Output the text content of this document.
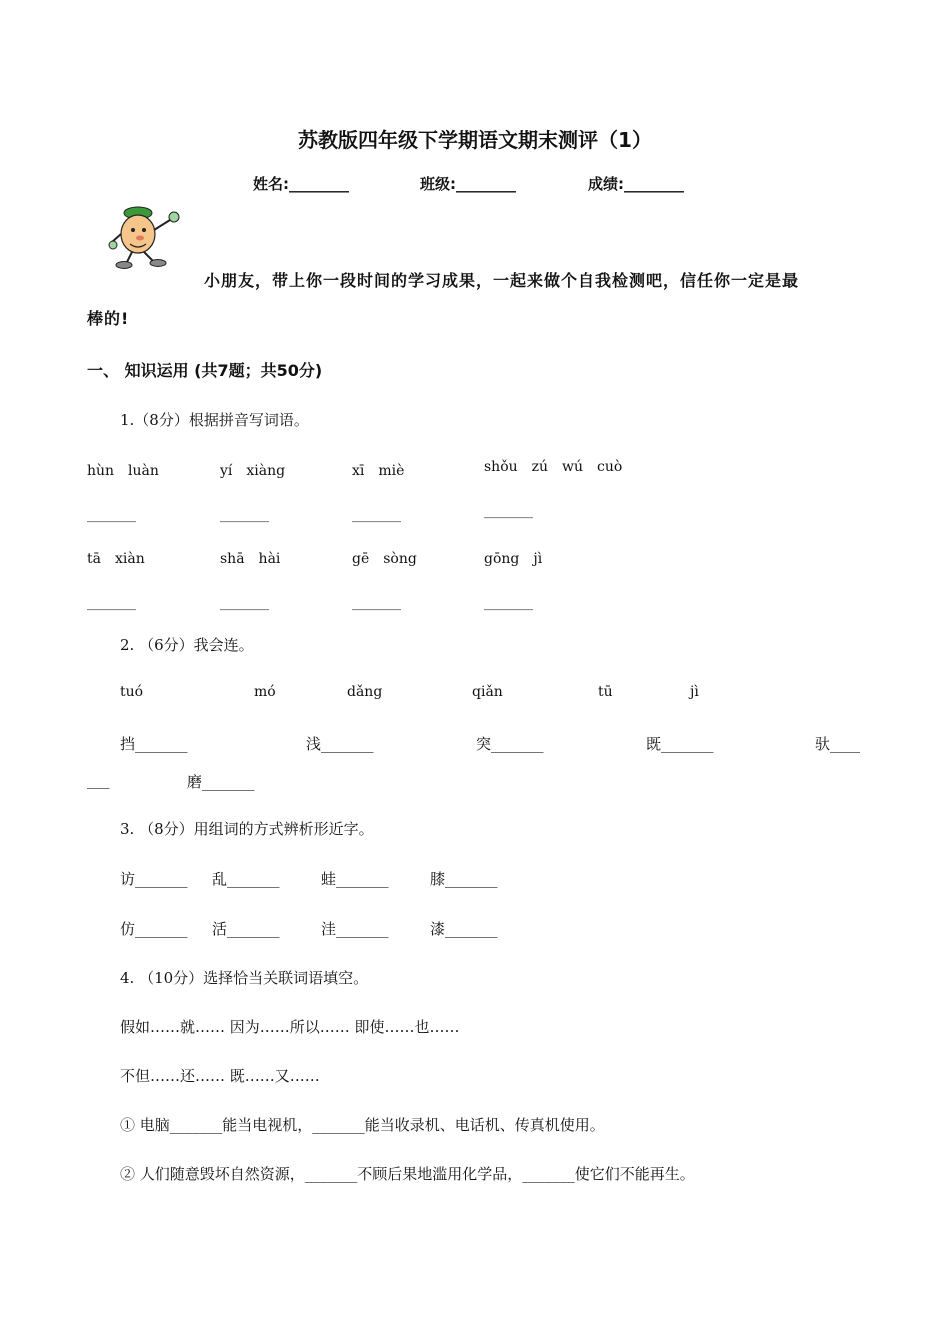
苏教版四年级下学期语文期末测评（1）
姓名:________	班级:________	成绩:________
小朋友，带上你一段时间的学习成果，一起来做个自我检测吧，信任你一定是最
棒的!
一、 知识运用 (共7题；共50分)
1.（8分）根据拼音写词语。
hùn　luàn	yí　xiàng	xī　miè	shǒu　zú　wú　cuò
_______	_______	_______	_______
tā　xiàn	shā　hài	gē　sòng	gōng　jì
_______	_______	_______	_______
2. （6分）我会连。
tuó	mó	dǎng	qiǎn	tū	jì
挡_______	浅_______	突_______	既_______	驮____
___	磨_______
3. （8分）用组词的方式辨析形近字。
访_______ 乱_______	蛙_______	膝_______
仿_______ 活_______	洼_______	漆_______
4. （10分）选择恰当关联词语填空。
假如……就…… 因为……所以…… 即使……也……
不但……还…… 既……又……
① 电脑_______能当电视机，_______能当收录机、电话机、传真机使用。
② 人们随意毁坏自然资源，_______不顾后果地滥用化学品，_______使它们不能再生。
